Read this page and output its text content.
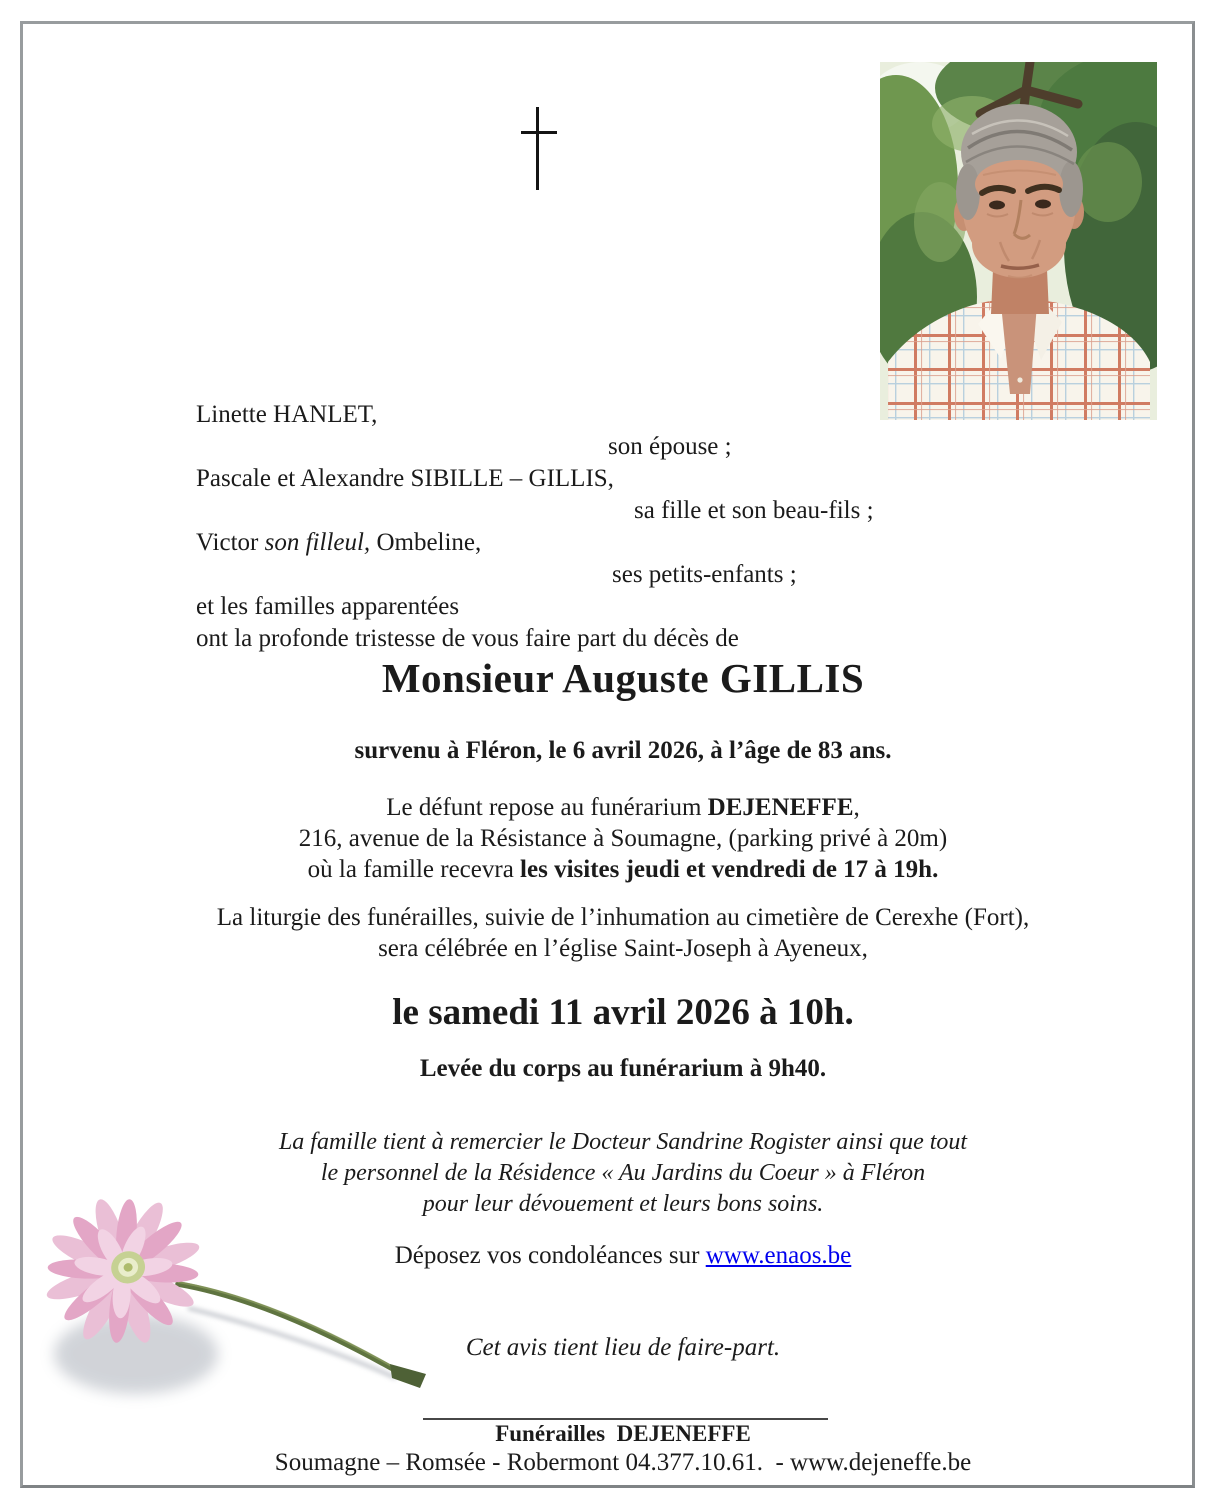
Linette HANLET,
son épouse ;
Pascale et Alexandre SIBILLE – GILLIS,
sa fille et son beau-fils ;
Victor son filleul, Ombeline,
ses petits-enfants ;
et les familles apparentées
ont la profonde tristesse de vous faire part du décès de
Monsieur Auguste GILLIS
survenu à Fléron, le 6 avril 2026, à l’âge de 83 ans.
Le défunt repose au funérarium DEJENEFFE,
216, avenue de la Résistance à Soumagne, (parking privé à 20m)
où la famille recevra les visites jeudi et vendredi de 17 à 19h.
La liturgie des funérailles, suivie de l’inhumation au cimetière de Cerexhe (Fort),
sera célébrée en l’église Saint-Joseph à Ayeneux,
le samedi 11 avril 2026 à 10h.
Levée du corps au funérarium à 9h40.
La famille tient à remercier le Docteur Sandrine Rogister ainsi que tout
le personnel de la Résidence « Au Jardins du Coeur » à Fléron
pour leur dévouement et leurs bons soins.
Déposez vos condoléances sur www.enaos.be
Cet avis tient lieu de faire-part.
Funérailles  DEJENEFFE
Soumagne – Romsée - Robermont 04.377.10.61.  - www.dejeneffe.be
